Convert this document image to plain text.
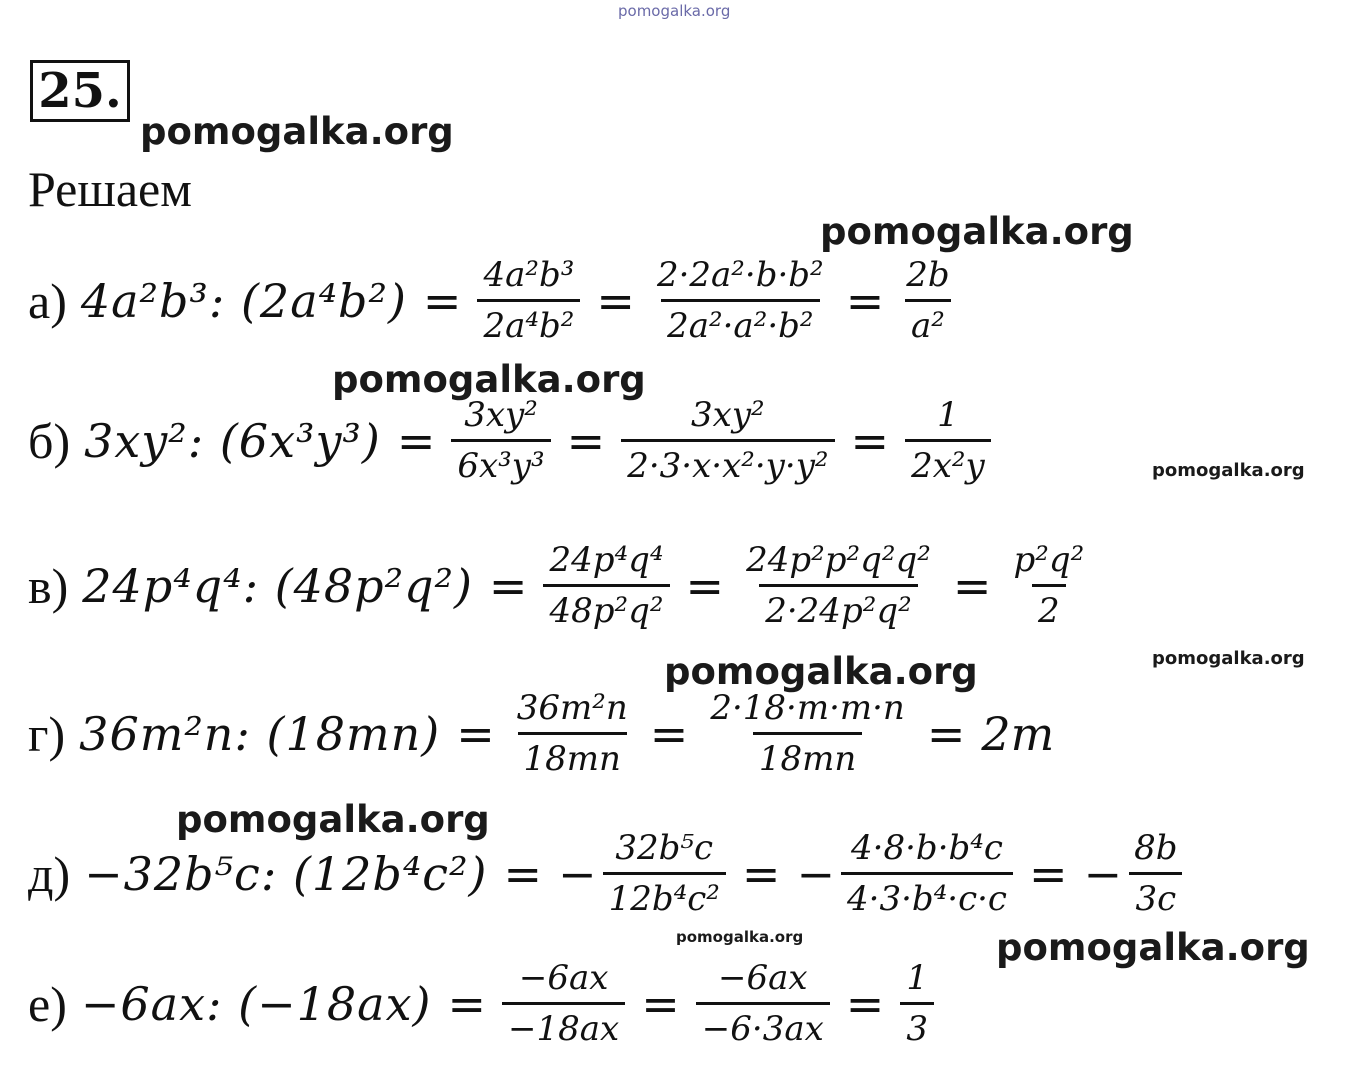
pomogalka.org
pomogalka.org
pomogalka.org
pomogalka.org
pomogalka.org
pomogalka.org
pomogalka.org
pomogalka.org
pomogalka.org	pomogalka.org
25.
Решаем
а) 4a²b³: $(2a^4b^2) = \frac{\text{4a²b³}}{\text{2a⁴b²}} = \frac{\text{2·2a²·b·b²}}{\text{2a²·a²·b²}} = \frac{2b}{\text{a²}}$
б) 3xy²: $(6x^3y^3) = \frac{\text{3xy²}}{\text{6x³y³}} = \frac{\text{3xy²}}{\text{2·3·x·x²·y·y²}} = \frac{1}{\text{2x²y}}$
в) 24p⁴q⁴: $(48p^2q^2) = \frac{\text{24p⁴q⁴}}{\text{48p²q²}} = \frac{\text{24p²p²q²q²}}{\text{2·24p²q²}} = \frac{\text{p²q²}}{2}$
г) 36m²n: $(18mn) = \frac{\text{36m²n}}{18mn} = \frac{2\cdot 18\cdot m\cdot m\cdot n}{18mn} = 2m$
д) −32b⁵c: (12b⁴c²) = − $\frac{\text{32b⁵c}}{\text{12b⁴c²}}$ = − $\frac{\text{4·8·b·b⁴c}}{\text{4·3·b⁴·c·c}}$ = − $\frac{8b}{3c}$
е) −6ax: $(-18ax) = \frac{-6ax}{-18ax} = \frac{-6ax}{-6\cdot 3ax} = \frac{1}{3}$
